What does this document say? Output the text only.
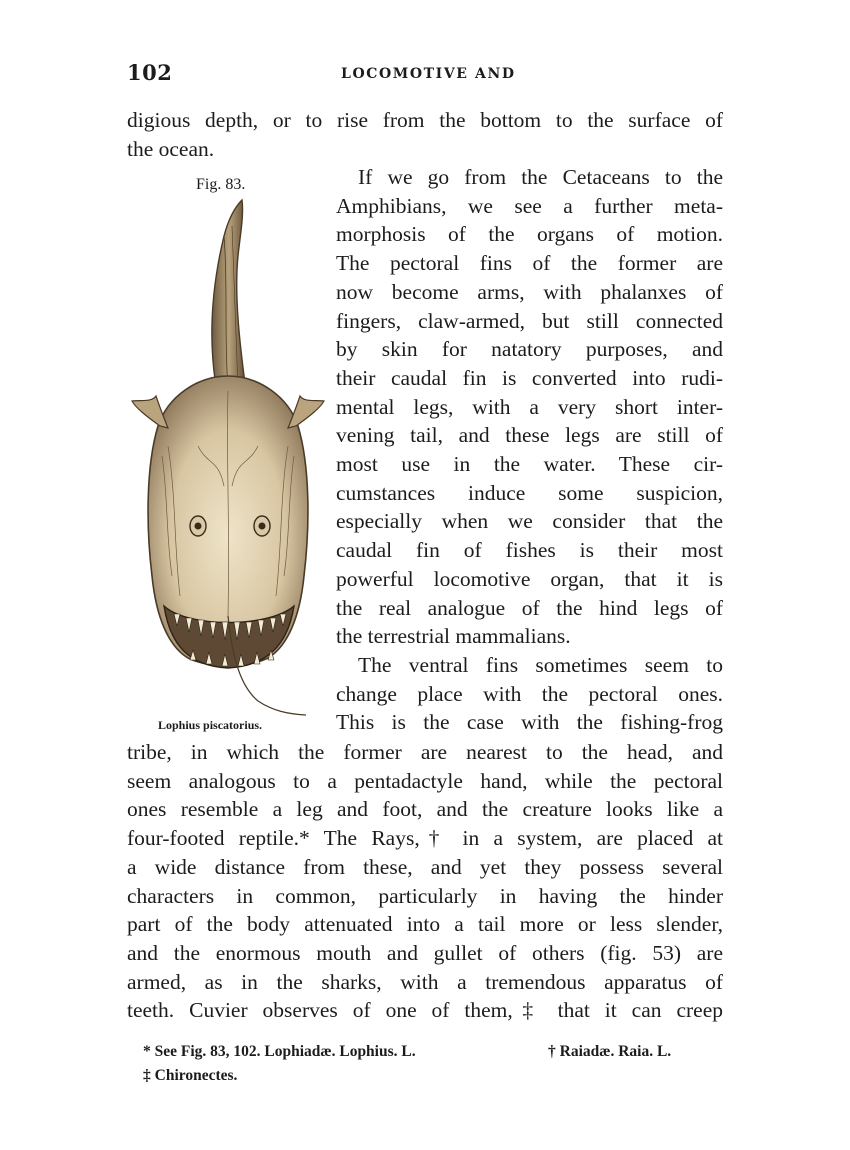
102	LOCOMOTIVE AND
digious depth, or to rise from the bottom to the surface of
the ocean.
Fig. 83.
Lophius piscatorius.
If we go from the Cetaceans to the
Amphibians, we see a further meta-
morphosis of the organs of motion.
The pectoral fins of the former are
now become arms, with phalanxes of
fingers, claw-armed, but still connected
by skin for natatory purposes, and
their caudal fin is converted into rudi-
mental legs, with a very short inter-
vening tail, and these legs are still of
most use in the water. These cir-
cumstances induce some suspicion,
especially when we consider that the
caudal fin of fishes is their most
powerful locomotive organ, that it is
the real analogue of the hind legs of
the terrestrial mammalians.
The ventral fins sometimes seem to
change place with the pectoral ones.
This is the case with the fishing-frog
tribe, in which the former are nearest to the head, and
seem analogous to a pentadactyle hand, while the pectoral
ones resemble a leg and foot, and the creature looks like a
four-footed reptile.* The Rays,† in a system, are placed at
a wide distance from these, and yet they possess several
characters in common, particularly in having the hinder
part of the body attenuated into a tail more or less slender,
and the enormous mouth and gullet of others (fig. 53) are
armed, as in the sharks, with a tremendous apparatus of
teeth. Cuvier observes of one of them,‡ that it can creep
* See Fig. 83, 102. Lophiadæ. Lophius. L.	† Raiadæ. Raia. L.
‡ Chironectes.
